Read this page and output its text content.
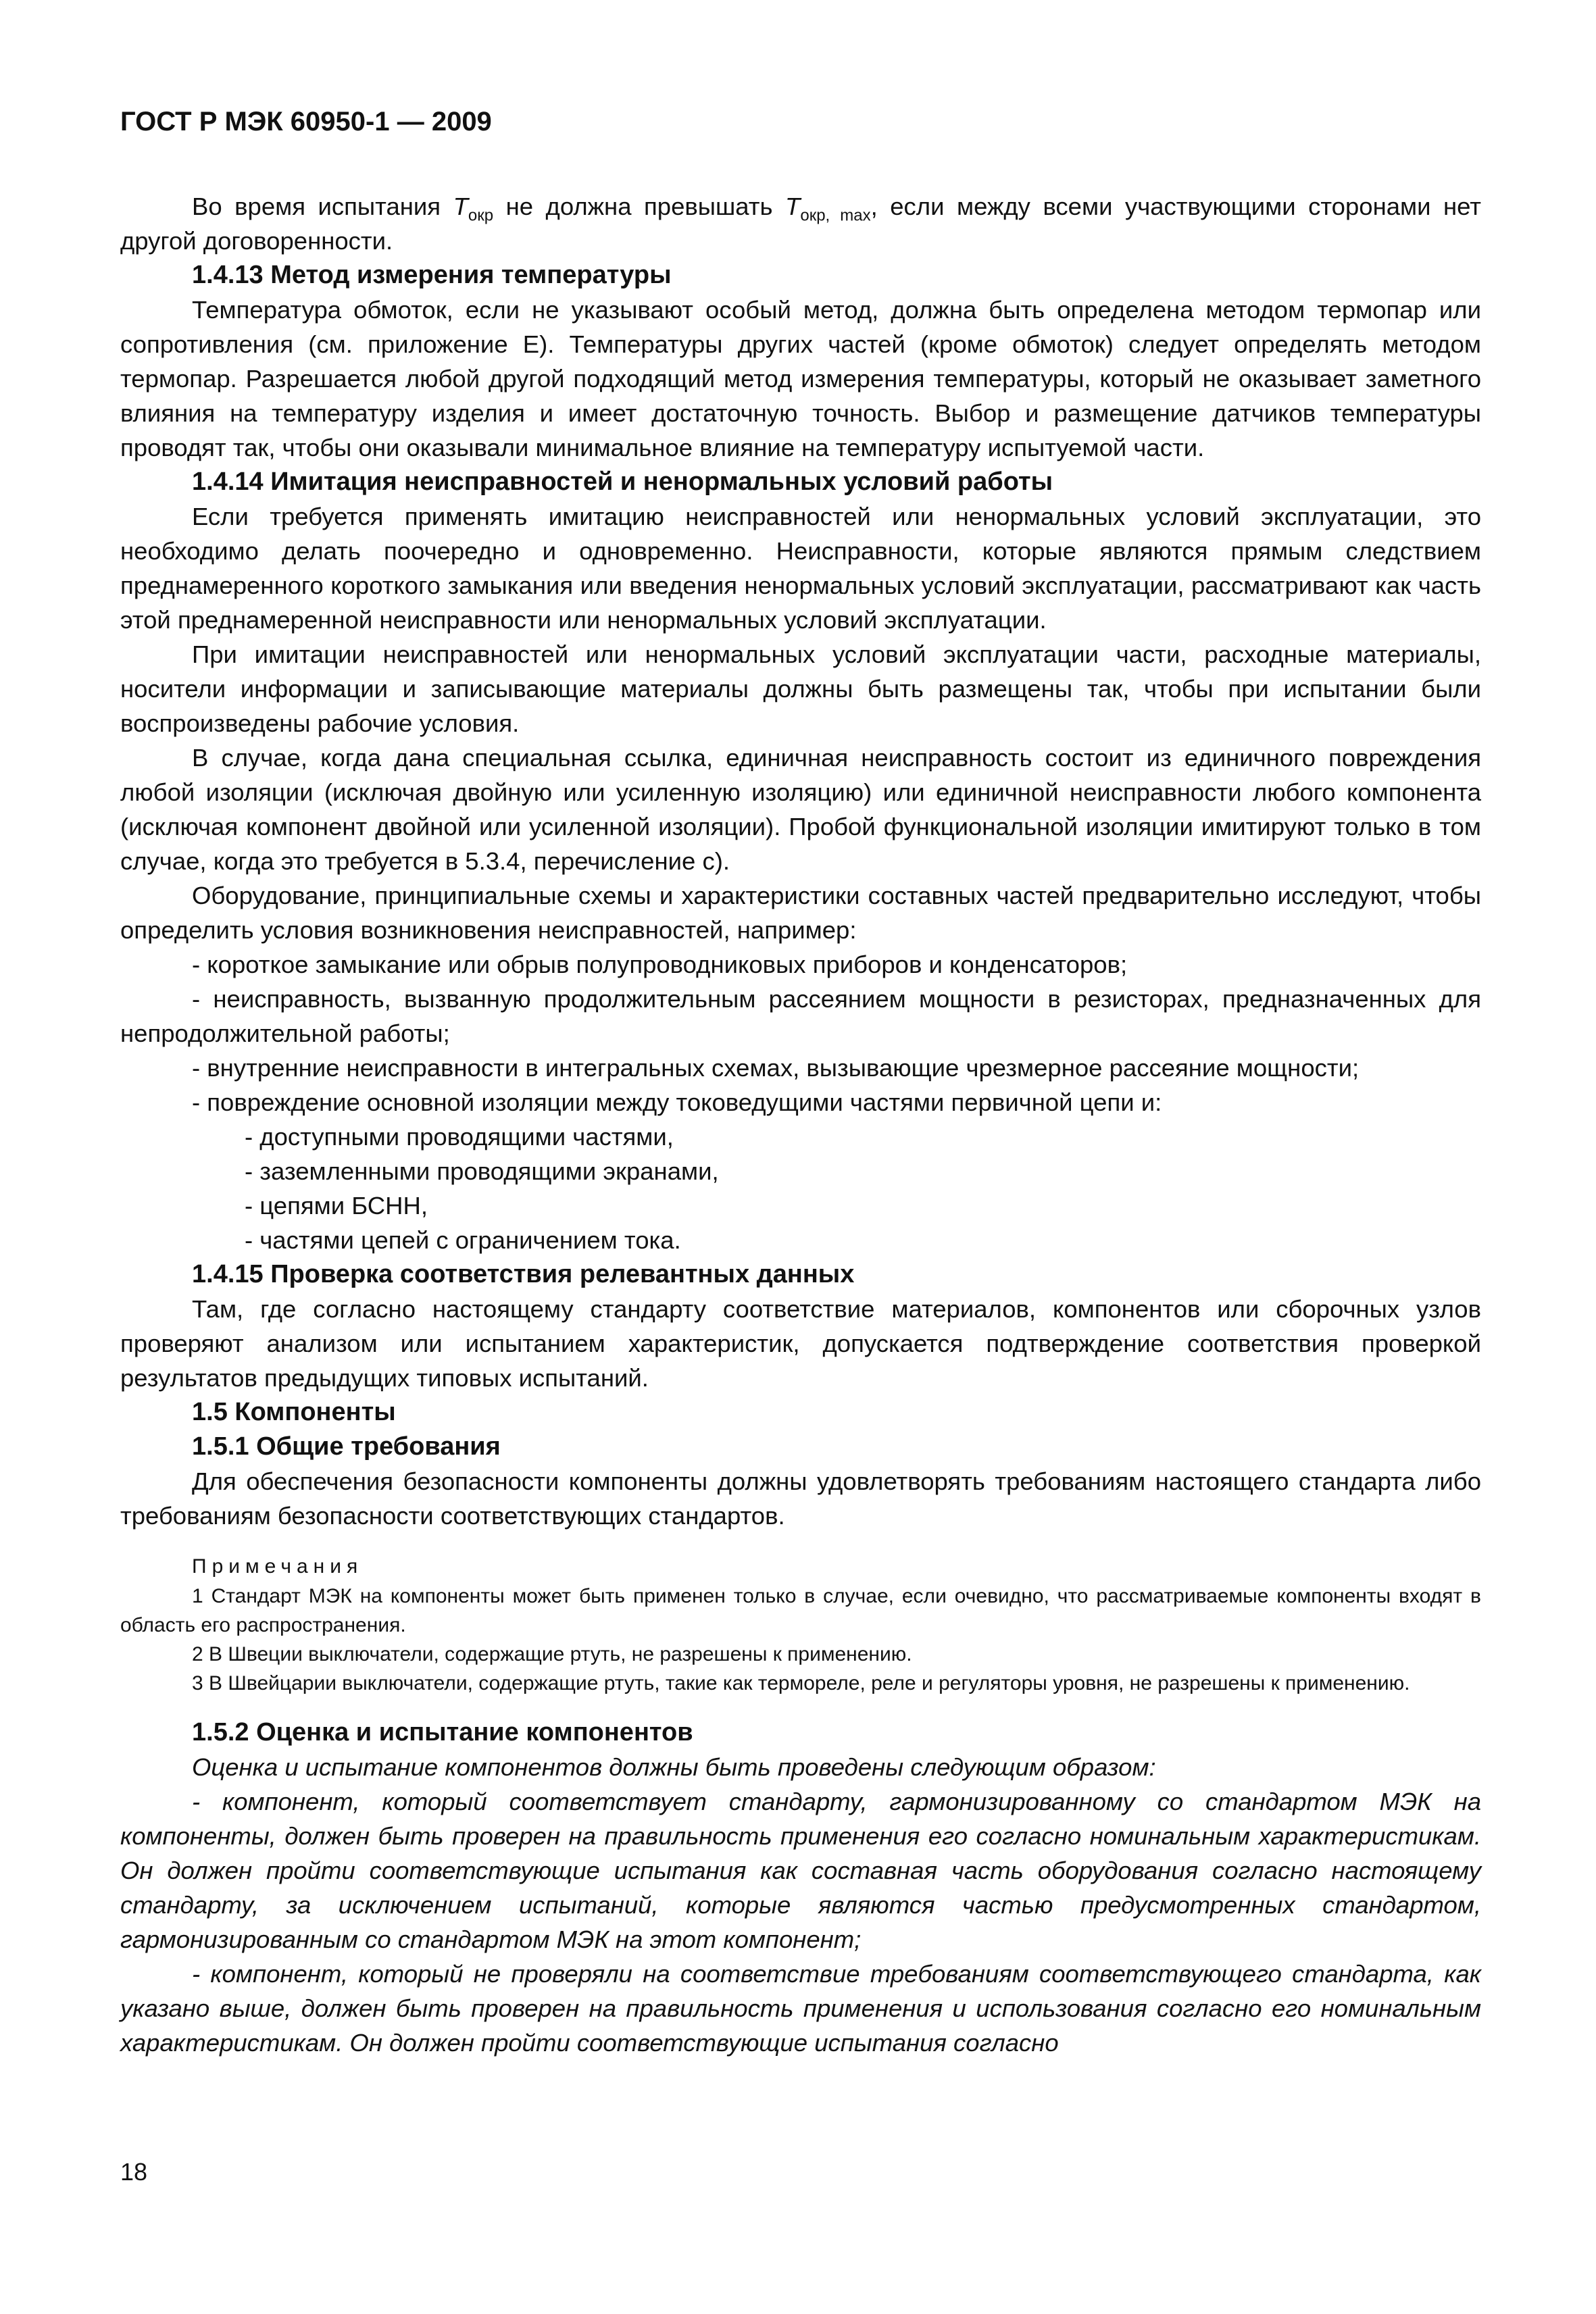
ГОСТ Р МЭК 60950-1 — 2009

Во время испытания $T_{окр}$ не должна превышать $T_{окр, max}$, если между всеми участвующими сторонами нет другой договоренности.

1.4.13 Метод измерения температуры

Температура обмоток, если не указывают особый метод, должна быть определена методом термопар или сопротивления (см. приложение Е). Температуры других частей (кроме обмоток) следует определять методом термопар. Разрешается любой другой подходящий метод измерения температуры, который не оказывает заметного влияния на температуру изделия и имеет достаточную точность. Выбор и размещение датчиков температуры проводят так, чтобы они оказывали минимальное влияние на температуру испытуемой части.

1.4.14 Имитация неисправностей и ненормальных условий работы

Если требуется применять имитацию неисправностей или ненормальных условий эксплуатации, это необходимо делать поочередно и одновременно. Неисправности, которые являются прямым следствием преднамеренного короткого замыкания или введения ненормальных условий эксплуатации, рассматривают как часть этой преднамеренной неисправности или ненормальных условий эксплуатации.

При имитации неисправностей или ненормальных условий эксплуатации части, расходные материалы, носители информации и записывающие материалы должны быть размещены так, чтобы при испытании были воспроизведены рабочие условия.

В случае, когда дана специальная ссылка, единичная неисправность состоит из единичного повреждения любой изоляции (исключая двойную или усиленную изоляцию) или единичной неисправности любого компонента (исключая компонент двойной или усиленной изоляции). Пробой функциональной изоляции имитируют только в том случае, когда это требуется в 5.3.4, перечисление с).

Оборудование, принципиальные схемы и характеристики составных частей предварительно исследуют, чтобы определить условия возникновения неисправностей, например:

- короткое замыкание или обрыв полупроводниковых приборов и конденсаторов;

- неисправность, вызванную продолжительным рассеянием мощности в резисторах, предназначенных для непродолжительной работы;

- внутренние неисправности в интегральных схемах, вызывающие чрезмерное рассеяние мощности;

- повреждение основной изоляции между токоведущими частями первичной цепи и:

- доступными проводящими частями,

- заземленными проводящими экранами,

- цепями БСНН,

- частями цепей с ограничением тока.

1.4.15 Проверка соответствия релевантных данных

Там, где согласно настоящему стандарту соответствие материалов, компонентов или сборочных узлов проверяют анализом или испытанием характеристик, допускается подтверждение соответствия проверкой результатов предыдущих типовых испытаний.

1.5 Компоненты
1.5.1 Общие требования

Для обеспечения безопасности компоненты должны удовлетворять требованиям настоящего стандарта либо требованиям безопасности соответствующих стандартов.

Примечания

1 Стандарт МЭК на компоненты может быть применен только в случае, если очевидно, что рассматриваемые компоненты входят в область его распространения.

2 В Швеции выключатели, содержащие ртуть, не разрешены к применению.

3 В Швейцарии выключатели, содержащие ртуть, такие как термореле, реле и регуляторы уровня, не разрешены к применению.

1.5.2 Оценка и испытание компонентов

Оценка и испытание компонентов должны быть проведены следующим образом:

- компонент, который соответствует стандарту, гармонизированному со стандартом МЭК на компоненты, должен быть проверен на правильность применения его согласно номинальным характеристикам. Он должен пройти соответствующие испытания как составная часть оборудования согласно настоящему стандарту, за исключением испытаний, которые являются частью предусмотренных стандартом, гармонизированным со стандартом МЭК на этот компонент;

- компонент, который не проверяли на соответствие требованиям соответствующего стандарта, как указано выше, должен быть проверен на правильность применения и использования согласно его номинальным характеристикам. Он должен пройти соответствующие испытания согласно

18
